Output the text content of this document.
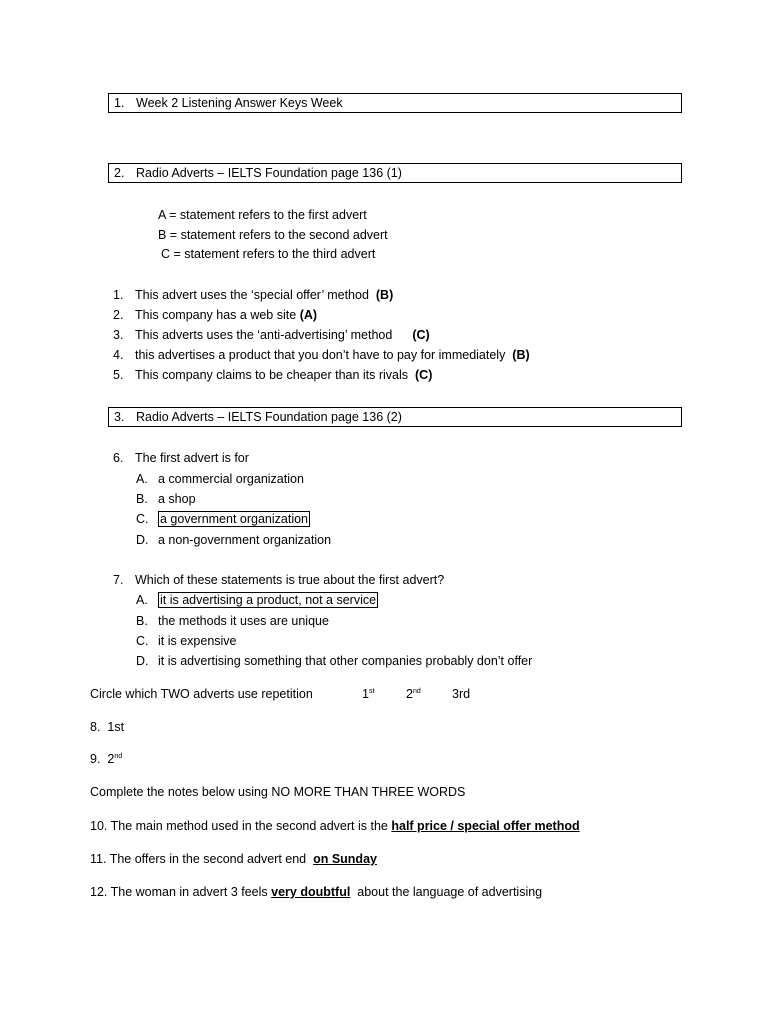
1. Week 2 Listening Answer Keys Week
2. Radio Adverts – IELTS Foundation page 136 (1)
A = statement refers to the first advert
B = statement refers to the second advert
C = statement refers to the third advert
1. This advert uses the ‘special offer’ method (B)
2. This company has a web site (A)
3. This adverts uses the ‘anti-advertising’ method (C)
4. this advertises a product that you don’t have to pay for immediately (B)
5. This company claims to be cheaper than its rivals (C)
3. Radio Adverts – IELTS Foundation page 136 (2)
6. The first advert is for
A. a commercial organization
B. a shop
C. a government organization
D. a non-government organization
7. Which of these statements is true about the first advert?
A. it is advertising a product, not a service
B. the methods it uses are unique
C. it is expensive
D. it is advertising something that other companies probably don’t offer
Circle which TWO adverts use repetition	1st	2nd	3rd
8. 1st
9. 2nd
Complete the notes below using NO MORE THAN THREE WORDS
10. The main method used in the second advert is the half price / special offer method
11. The offers in the second advert end on Sunday
12. The woman in advert 3 feels very doubtful about the language of advertising
